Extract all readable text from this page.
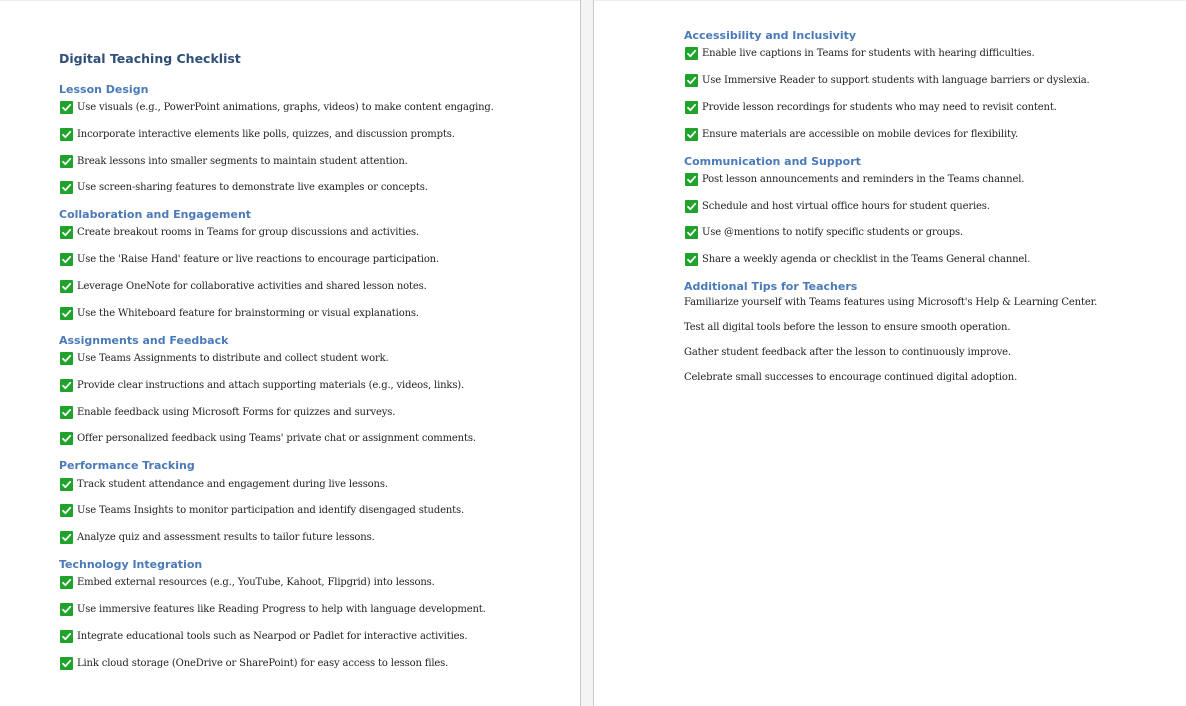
Digital Teaching Checklist
Lesson Design
Use visuals (e.g., PowerPoint animations, graphs, videos) to make content engaging.
Incorporate interactive elements like polls, quizzes, and discussion prompts.
Break lessons into smaller segments to maintain student attention.
Use screen-sharing features to demonstrate live examples or concepts.
Collaboration and Engagement
Create breakout rooms in Teams for group discussions and activities.
Use the 'Raise Hand' feature or live reactions to encourage participation.
Leverage OneNote for collaborative activities and shared lesson notes.
Use the Whiteboard feature for brainstorming or visual explanations.
Assignments and Feedback
Use Teams Assignments to distribute and collect student work.
Provide clear instructions and attach supporting materials (e.g., videos, links).
Enable feedback using Microsoft Forms for quizzes and surveys.
Offer personalized feedback using Teams' private chat or assignment comments.
Performance Tracking
Track student attendance and engagement during live lessons.
Use Teams Insights to monitor participation and identify disengaged students.
Analyze quiz and assessment results to tailor future lessons.
Technology Integration
Embed external resources (e.g., YouTube, Kahoot, Flipgrid) into lessons.
Use immersive features like Reading Progress to help with language development.
Integrate educational tools such as Nearpod or Padlet for interactive activities.
Link cloud storage (OneDrive or SharePoint) for easy access to lesson files.
Accessibility and Inclusivity
Enable live captions in Teams for students with hearing difficulties.
Use Immersive Reader to support students with language barriers or dyslexia.
Provide lesson recordings for students who may need to revisit content.
Ensure materials are accessible on mobile devices for flexibility.
Communication and Support
Post lesson announcements and reminders in the Teams channel.
Schedule and host virtual office hours for student queries.
Use @mentions to notify specific students or groups.
Share a weekly agenda or checklist in the Teams General channel.
Additional Tips for Teachers
Familiarize yourself with Teams features using Microsoft's Help & Learning Center.
Test all digital tools before the lesson to ensure smooth operation.
Gather student feedback after the lesson to continuously improve.
Celebrate small successes to encourage continued digital adoption.
